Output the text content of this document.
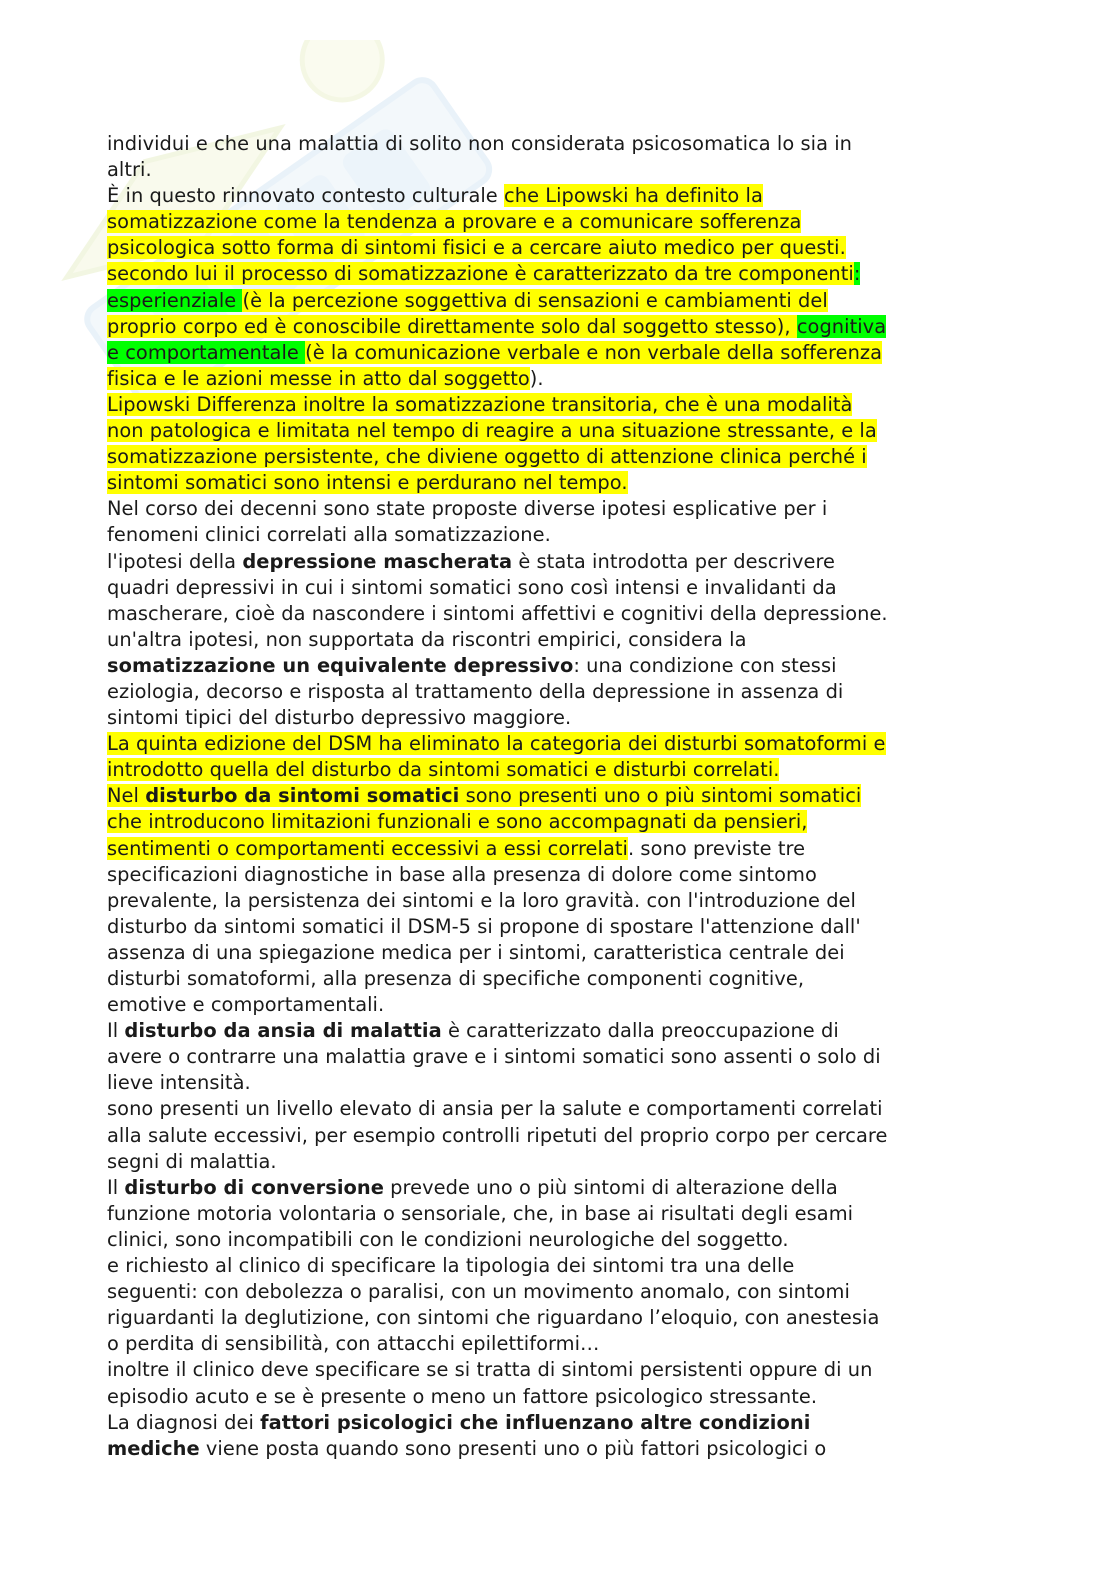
individui e che una malattia di solito non considerata psicosomatica lo sia in
altri.
È in questo rinnovato contesto culturale che Lipowski ha definito la
somatizzazione come la tendenza a provare e a comunicare sofferenza
psicologica sotto forma di sintomi fisici e a cercare aiuto medico per questi.
secondo lui il processo di somatizzazione è caratterizzato da tre componenti:
esperienziale (è la percezione soggettiva di sensazioni e cambiamenti del
proprio corpo ed è conoscibile direttamente solo dal soggetto stesso), cognitiva
e comportamentale (è la comunicazione verbale e non verbale della sofferenza
fisica e le azioni messe in atto dal soggetto).
Lipowski Differenza inoltre la somatizzazione transitoria, che è una modalità
non patologica e limitata nel tempo di reagire a una situazione stressante, e la
somatizzazione persistente, che diviene oggetto di attenzione clinica perché i
sintomi somatici sono intensi e perdurano nel tempo.
Nel corso dei decenni sono state proposte diverse ipotesi esplicative per i
fenomeni clinici correlati alla somatizzazione.
l'ipotesi della depressione mascherata è stata introdotta per descrivere
quadri depressivi in cui i sintomi somatici sono così intensi e invalidanti da
mascherare, cioè da nascondere i sintomi affettivi e cognitivi della depressione.
un'altra ipotesi, non supportata da riscontri empirici, considera la
somatizzazione un equivalente depressivo: una condizione con stessi
eziologia, decorso e risposta al trattamento della depressione in assenza di
sintomi tipici del disturbo depressivo maggiore.
La quinta edizione del DSM ha eliminato la categoria dei disturbi somatoformi e
introdotto quella del disturbo da sintomi somatici e disturbi correlati.
Nel disturbo da sintomi somatici sono presenti uno o più sintomi somatici
che introducono limitazioni funzionali e sono accompagnati da pensieri,
sentimenti o comportamenti eccessivi a essi correlati. sono previste tre
specificazioni diagnostiche in base alla presenza di dolore come sintomo
prevalente, la persistenza dei sintomi e la loro gravità. con l'introduzione del
disturbo da sintomi somatici il DSM-5 si propone di spostare l'attenzione dall'
assenza di una spiegazione medica per i sintomi, caratteristica centrale dei
disturbi somatoformi, alla presenza di specifiche componenti cognitive,
emotive e comportamentali.
Il disturbo da ansia di malattia è caratterizzato dalla preoccupazione di
avere o contrarre una malattia grave e i sintomi somatici sono assenti o solo di
lieve intensità.
sono presenti un livello elevato di ansia per la salute e comportamenti correlati
alla salute eccessivi, per esempio controlli ripetuti del proprio corpo per cercare
segni di malattia.
Il disturbo di conversione prevede uno o più sintomi di alterazione della
funzione motoria volontaria o sensoriale, che, in base ai risultati degli esami
clinici, sono incompatibili con le condizioni neurologiche del soggetto.
e richiesto al clinico di specificare la tipologia dei sintomi tra una delle
seguenti: con debolezza o paralisi, con un movimento anomalo, con sintomi
riguardanti la deglutizione, con sintomi che riguardano l’eloquio, con anestesia
o perdita di sensibilità, con attacchi epilettiformi…
inoltre il clinico deve specificare se si tratta di sintomi persistenti oppure di un
episodio acuto e se è presente o meno un fattore psicologico stressante.
La diagnosi dei fattori psicologici che influenzano altre condizioni
mediche viene posta quando sono presenti uno o più fattori psicologici o
